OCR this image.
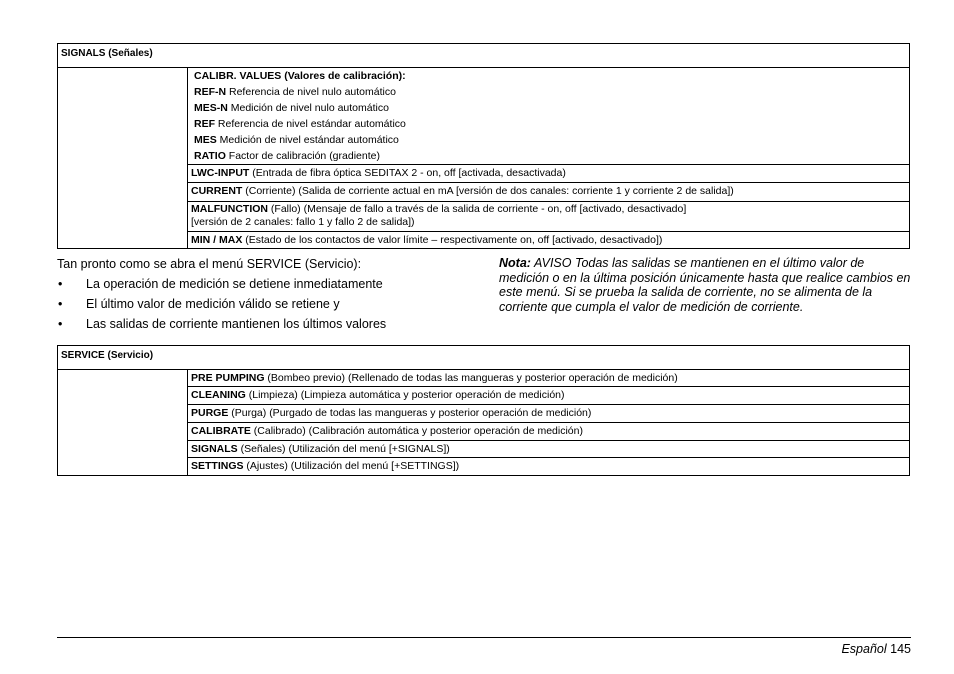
SIGNALS (Señales)
CALIBR. VALUES (Valores de calibración):
REF-N Referencia de nivel nulo automático
MES-N Medición de nivel nulo automático
REF Referencia de nivel estándar automático
MES Medición de nivel estándar automático
RATIO Factor de calibración (gradiente)
LWC-INPUT (Entrada de fibra óptica SEDITAX 2 - on, off [activada, desactivada)
CURRENT (Corriente) (Salida de corriente actual en mA [versión de dos canales: corriente 1 y corriente 2 de salida])
MALFUNCTION (Fallo) (Mensaje de fallo a través de la salida de corriente - on, off [activado, desactivado]
[versión de 2 canales: fallo 1 y fallo 2 de salida])
MIN / MAX (Estado de los contactos de valor límite – respectivamente on, off [activado, desactivado])
Tan pronto como se abra el menú SERVICE (Servicio):
•	La operación de medición se detiene inmediatamente
•	El último valor de medición válido se retiene y
•	Las salidas de corriente mantienen los últimos valores
Nota: AVISO Todas las salidas se mantienen en el último valor de medición o en la última posición únicamente hasta que realice cambios en este menú. Si se prueba la salida de corriente, no se alimenta de la corriente que cumpla el valor de medición de corriente.
SERVICE (Servicio)
PRE PUMPING (Bombeo previo) (Rellenado de todas las mangueras y posterior operación de medición)
CLEANING (Limpieza) (Limpieza automática y posterior operación de medición)
PURGE (Purga) (Purgado de todas las mangueras y posterior operación de medición)
CALIBRATE (Calibrado) (Calibración automática y posterior operación de medición)
SIGNALS (Señales) (Utilización del menú [+SIGNALS])
SETTINGS (Ajustes) (Utilización del menú [+SETTINGS])
Español 145
